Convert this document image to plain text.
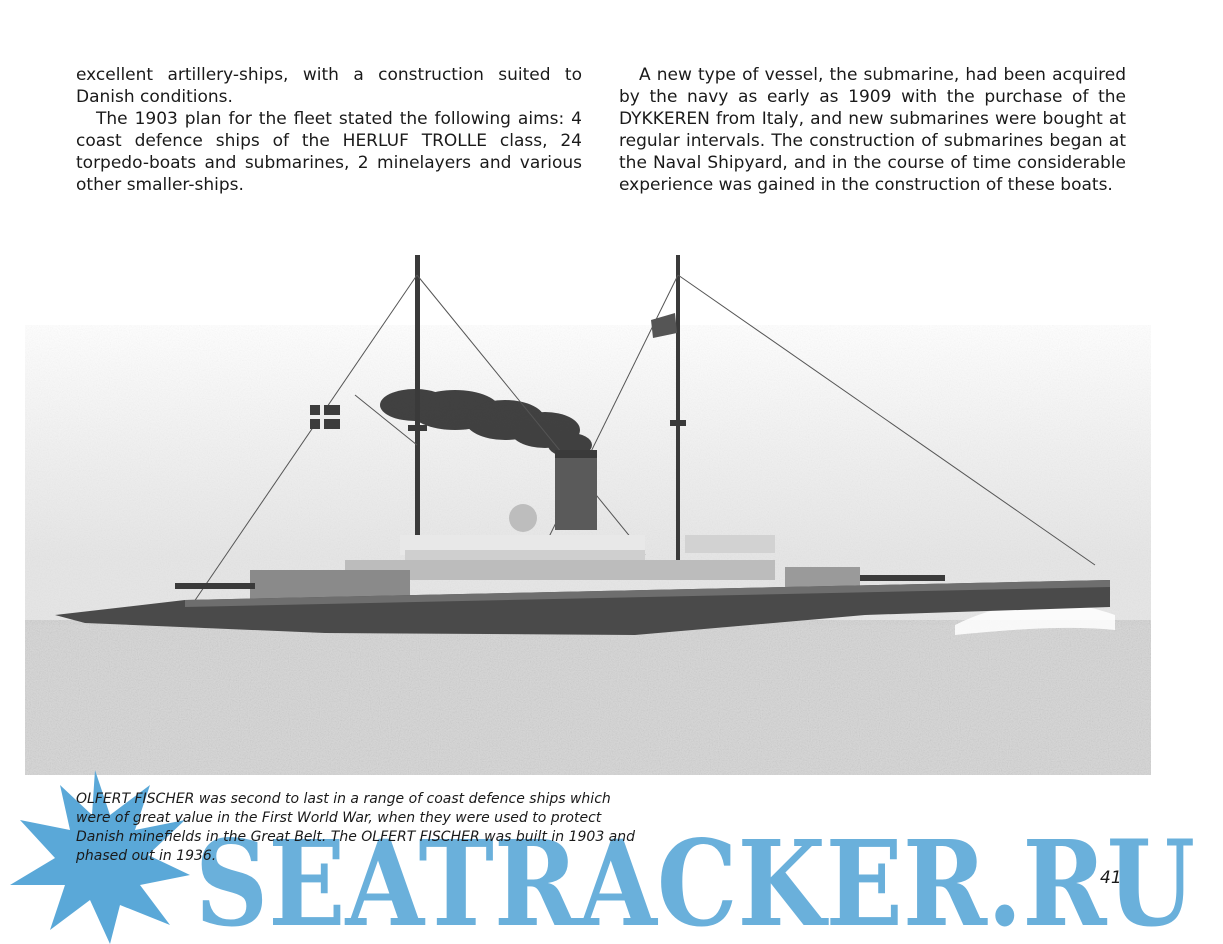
excellent artillery-ships, with a construction suited to Danish conditions.

The 1903 plan for the fleet stated the following aims: 4 coast defence ships of the HERLUF TROLLE class, 24 torpedo-boats and submarines, 2 minelayers and various other smaller-ships.

A new type of vessel, the submarine, had been acquired by the navy as early as 1909 with the purchase of the DYKKEREN from Italy, and new submarines were bought at regular intervals. The construction of submarines began at the Naval Shipyard, and in the course of time considerable experience was gained in the construction of these boats.

SEATRACKER.RU
OLFERT FISCHER was second to last in a range of coast defence ships which were of great value in the First World War, when they were used to protect Danish minefields in the Great Belt. The OLFERT FISCHER was built in 1903 and phased out in 1936.
41
